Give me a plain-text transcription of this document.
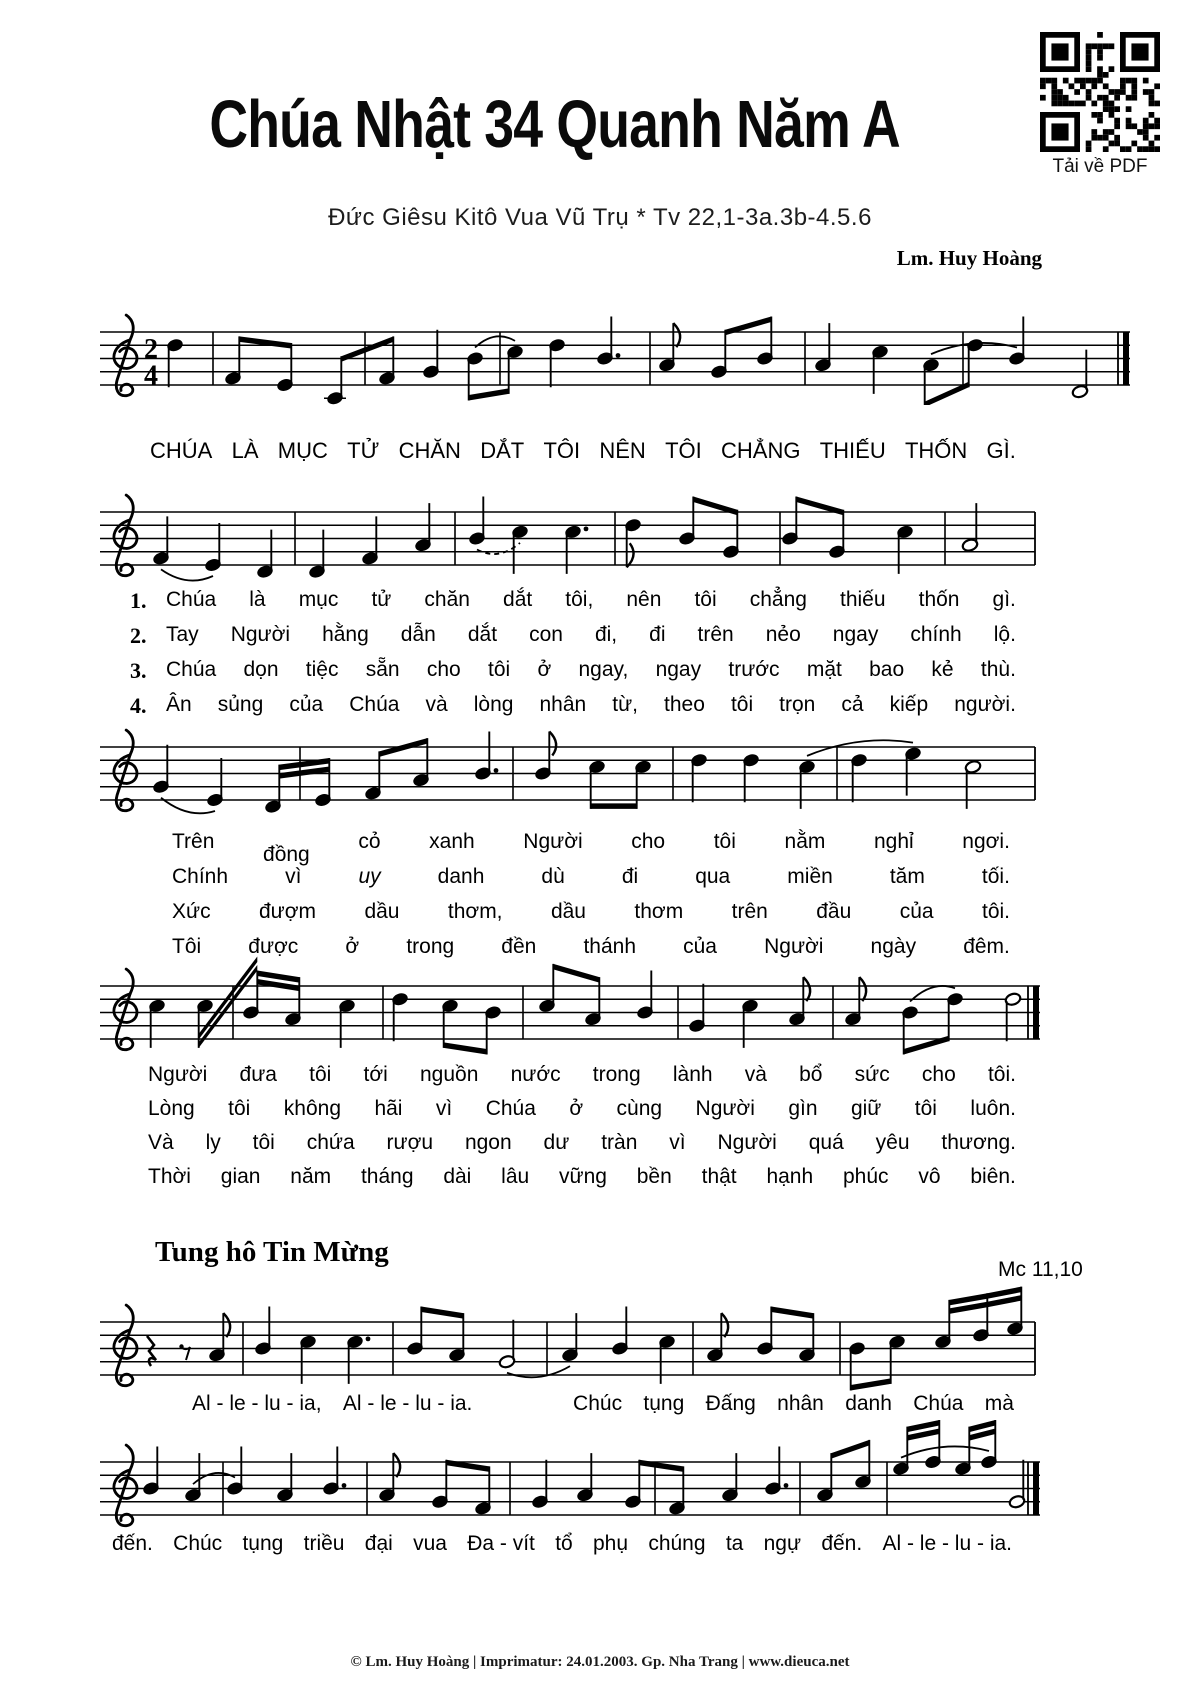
Tải về PDF
Chúa Nhật 34 Quanh Năm A
Đức Giêsu Kitô Vua Vũ Trụ * Tv 22,1-3a.3b-4.5.6
Lm. Huy Hoàng
2
4
CHÚA LÀ MỤC TỬ CHĂN DẮT TÔI NÊN TÔI CHẲNG THIẾU THỐN GÌ.
1. Chúa là mục tử chăn dắt tôi, nên tôi chẳng thiếu thốn gì.
2. Tay Người hằng dẫn dắt con đi, đi trên nẻo ngay chính lộ.
3. Chúa dọn tiệc sẵn cho tôi ở ngay, ngay trước mặt bao kẻ thù.
4. Ân sủng của Chúa và lòng nhân từ, theo tôi trọn cả kiếp người.
Trên
đồng
cỏ xanh Người cho tôi nằm nghỉ ngơi.
Chính	vì	uy	danh	dù	đi	qua	miền	tăm	tối.
Xức đượm dầu thơm, dầu thơm trên đầu của tôi.
Tôi được ở trong đền thánh của Người ngày đêm.
Người đưa tôi tới nguồn nước trong lành và bổ sức cho tôi.
Lòng tôi không hãi vì Chúa ở cùng Người gìn giữ tôi luôn.
Và ly tôi chứa rượu ngon dư tràn vì Người quá yêu thương.
Thời gian năm tháng dài lâu vững bền thật hạnh phúc vô biên.
Tung hô Tin Mừng
Mc 11,10
Al - le - lu - ia, Al - le - lu - ia.	Chúc tụng Đấng nhân danh Chúa mà
đến. Chúc tụng triều đại vua Đa - vít tổ phụ chúng ta ngự đến. Al - le - lu - ia.
© Lm. Huy Hoàng | Imprimatur: 24.01.2003. Gp. Nha Trang | www.dieuca.net
